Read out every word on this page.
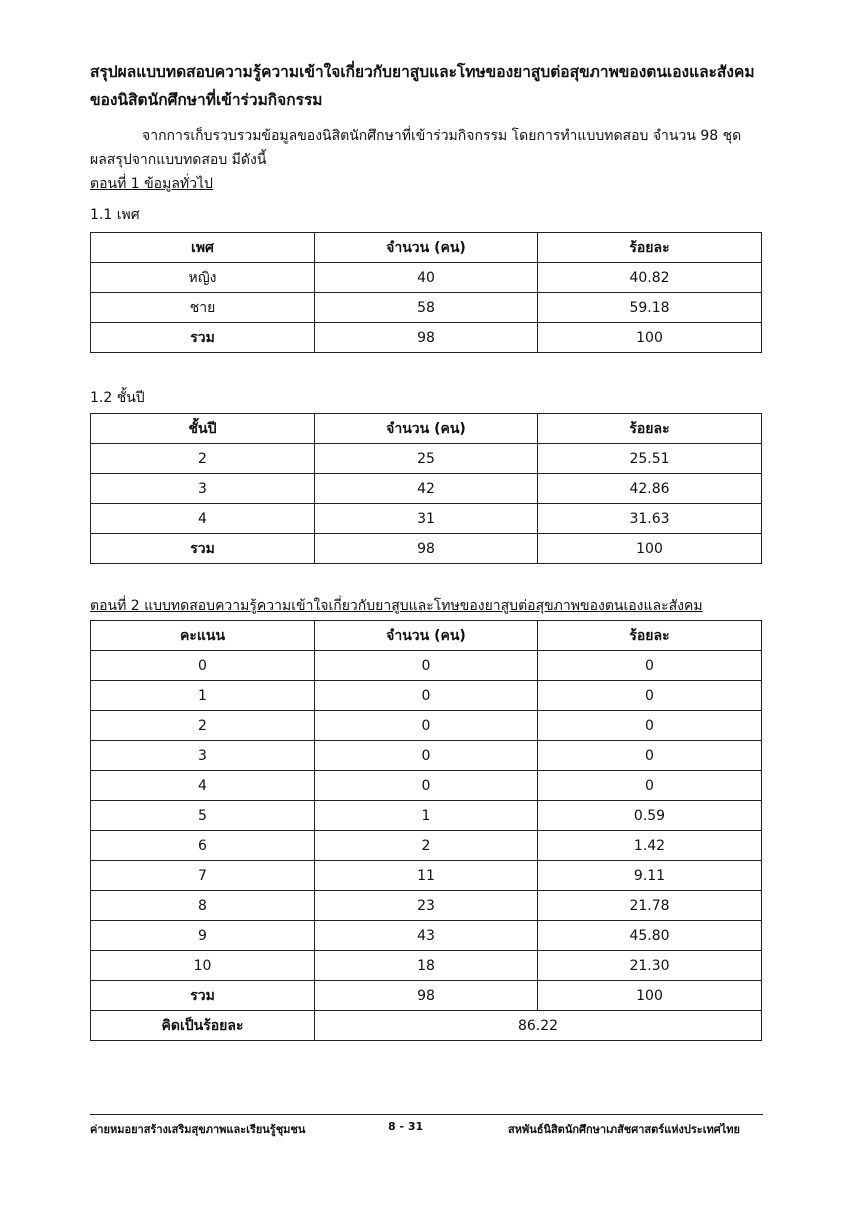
สรุปผลแบบทดสอบความรู้ความเข้าใจเกี่ยวกับยาสูบและโทษของยาสูบต่อสุขภาพของตนเองและสังคม
ของนิสิตนักศึกษาที่เข้าร่วมกิจกรรม
จากการเก็บรวบรวมข้อมูลของนิสิตนักศึกษาที่เข้าร่วมกิจกรรม โดยการทำแบบทดสอบ จำนวน 98 ชุด
ผลสรุปจากแบบทดสอบ มีดังนี้
ตอนที่ 1 ข้อมูลทั่วไป
1.1 เพศ
เพศ	จำนวน (คน)	ร้อยละ
หญิง	40	40.82
ชาย	58	59.18
รวม	98	100
1.2 ชั้นปี
ชั้นปี	จำนวน (คน)	ร้อยละ
2	25	25.51
3	42	42.86
4	31	31.63
รวม	98	100
ตอนที่ 2 แบบทดสอบความรู้ความเข้าใจเกี่ยวกับยาสูบและโทษของยาสูบต่อสุขภาพของตนเองและสังคม
คะแนน	จำนวน (คน)	ร้อยละ
0	0	0
1	0	0
2	0	0
3	0	0
4	0	0
5	1	0.59
6	2	1.42
7	11	9.11
8	23	21.78
9	43	45.80
10	18	21.30
รวม	98	100
คิดเป็นร้อยละ	86.22	
ค่ายหมอยาสร้างเสริมสุขภาพและเรียนรู้ชุมชน	8 - 31	สหพันธ์นิสิตนักศึกษาเภสัชศาสตร์แห่งประเทศไทย
